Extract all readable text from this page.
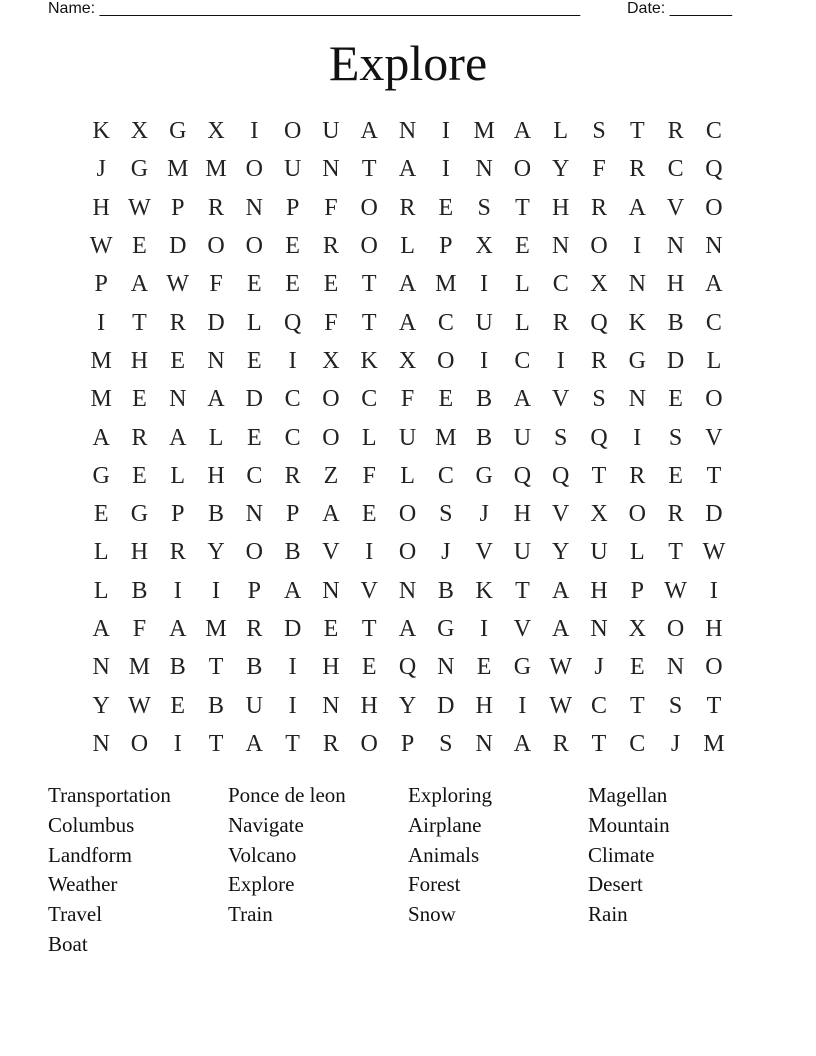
Name: ______________________________________________________	Date: _______
Explore
K X G X	I	O U A N	I M A L	S	T R C
J	G M M O U N T A	I	N O Y F R C Q
H W P R N P	F O R E	S	T H R A V O
W E D O O E R O L	P X E N O	I	N N
P A W F	E E E T A M I	L C X N H A
I	T R D L Q F	T A C U L R Q K B C
M H E N E	I	X K X O	I	C	I	R G D L
M E N A D C O C F	E B A V S N E O
A R A L E C O L U M B U S Q	I	S V
G E L H C R Z	F	L C G Q Q T R E T
E G P B N P A E O S	J	H V X O R D
L H R Y O B V	I	O	J	V U Y U L T W
L B	I	I	P A N V N B K T A H P W I
A F A M R D E T A G	I	V A N X O H
N M B T B	I	H E Q N E G W J	E N O
Y W E B U	I	N H Y D H	I W C T	S	T
N O	I	T A T R O P	S N A R T C	J M
Transportation	Ponce de leon	Exploring	Magellan
Columbus	Navigate	Airplane	Mountain
Landform	Volcano	Animals	Climate
Weather	Explore	Forest	Desert
Travel	Train	Snow	Rain
Boat
